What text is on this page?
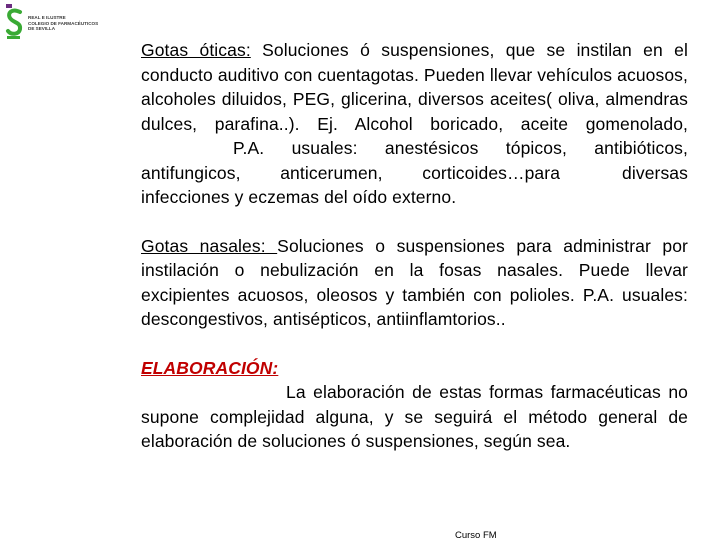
REAL E ILUSTRE
COLEGIO DE FARMACÉUTICOS
DE SEVILLA

Gotas óticas: Soluciones ó suspensiones, que se instilan en el conducto auditivo con cuentagotas. Pueden llevar vehículos acuosos, alcoholes diluidos, PEG, glicerina, diversos aceites( oliva, almendras dulces, parafina..). Ej. Alcohol boricado, aceite gomenolado, P.A. usuales: anestésicos tópicos, antibióticos, antifungicos, anticerumen, corticoides…para	diversas infecciones y eczemas del oído externo.

Gotas nasales: Soluciones o suspensiones para administrar por instilación o nebulización en la fosas nasales. Puede llevar excipientes acuosos, oleosos y también con polioles. P.A. usuales: descongestivos, antisépticos, antiinflamtorios..

ELABORACIÓN:
La elaboración de estas formas farmacéuticas no supone complejidad alguna, y se seguirá el método general de elaboración de soluciones ó suspensiones, según sea.

Curso FM
